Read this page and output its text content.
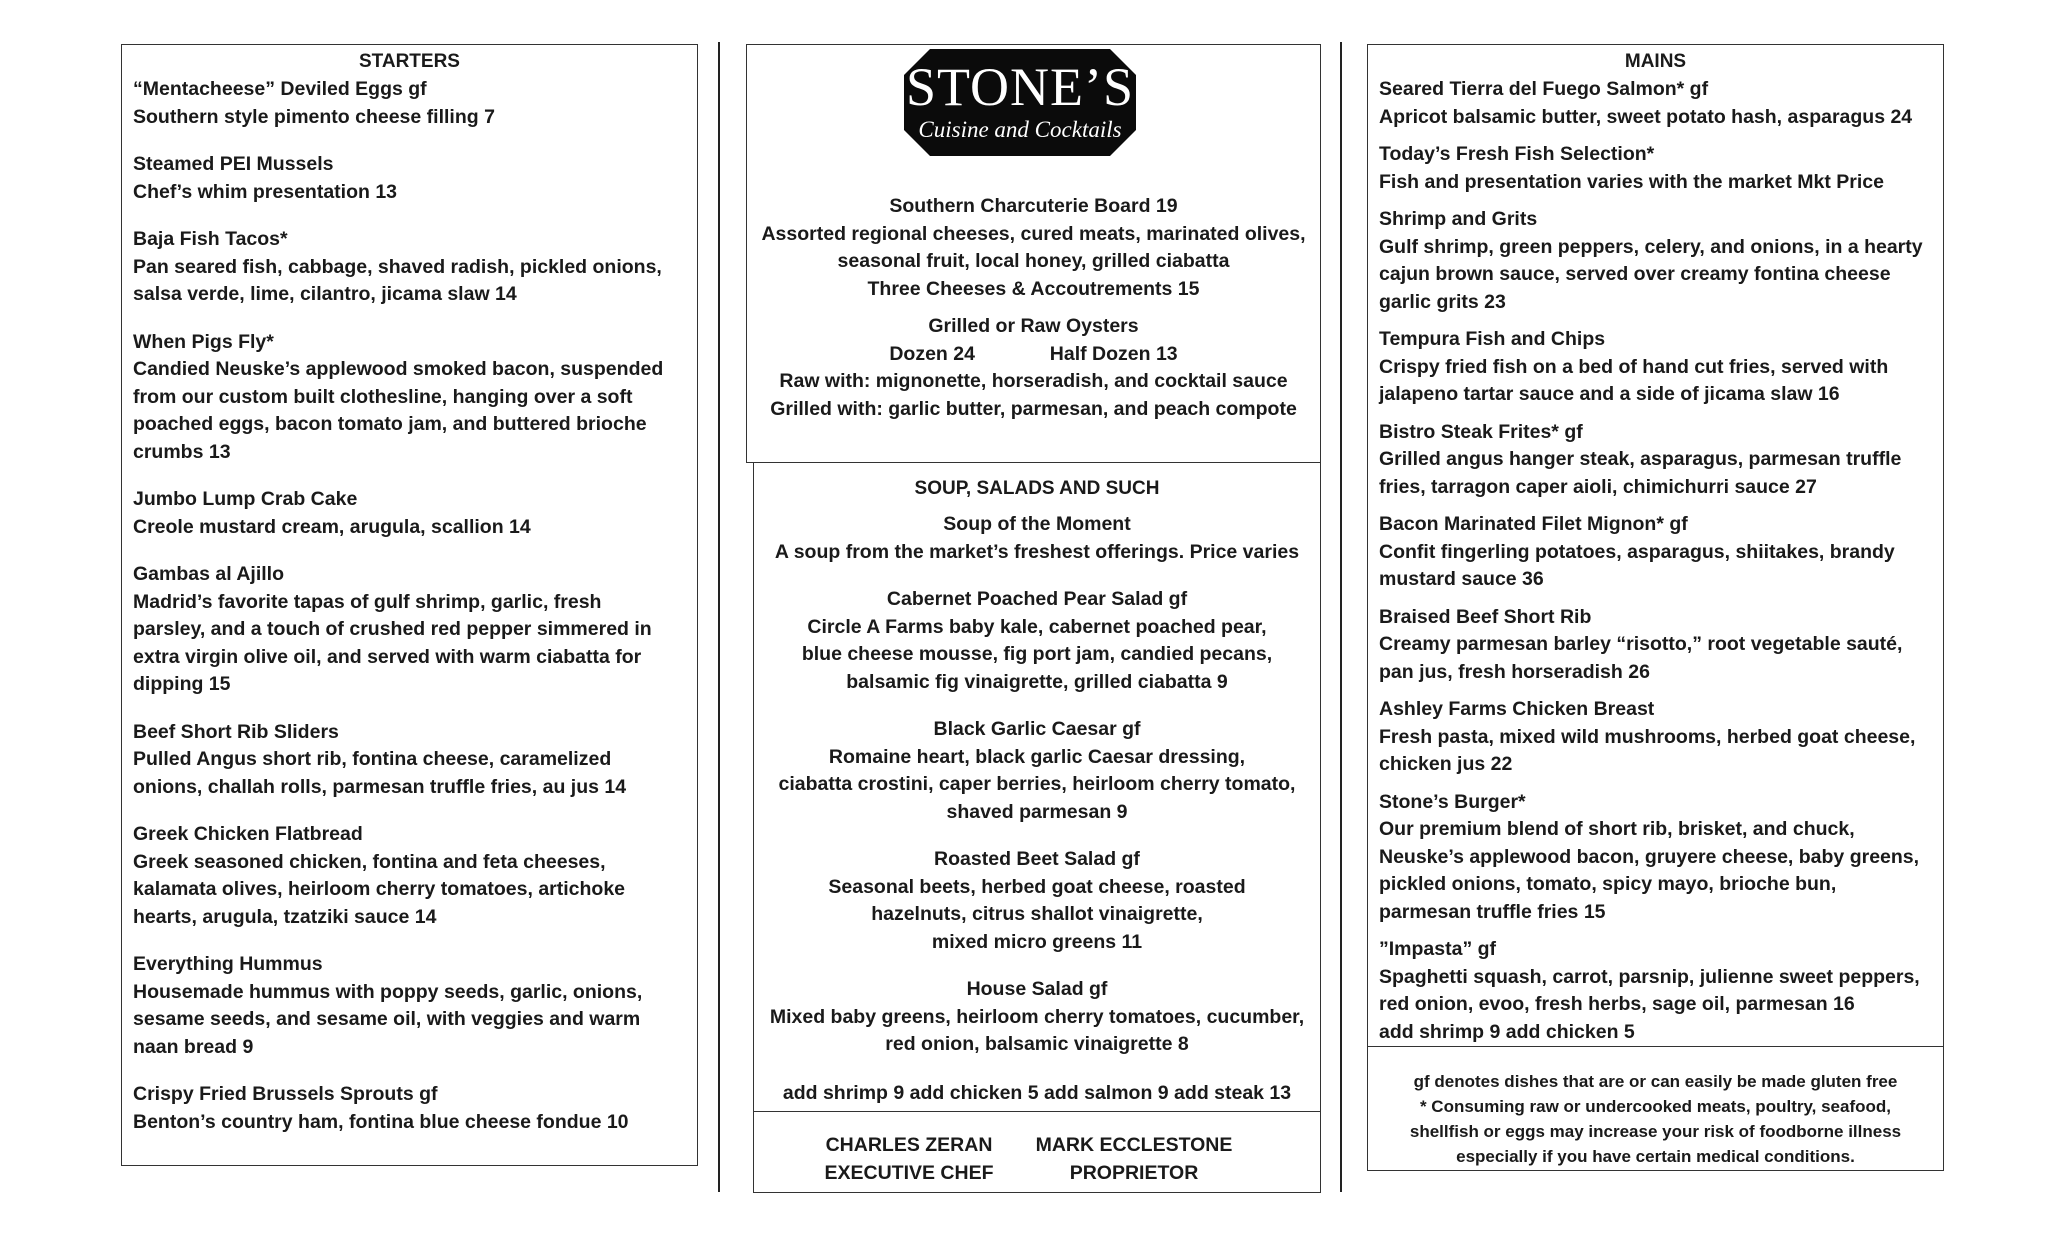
STARTERS
“Mentacheese” Deviled Eggs gf
Southern style pimento cheese filling 7
Steamed PEI Mussels
Chef’s whim presentation 13
Baja Fish Tacos*
Pan seared fish, cabbage, shaved radish, pickled onions,
salsa verde, lime, cilantro, jicama slaw 14
When Pigs Fly*
Candied Neuske’s applewood smoked bacon, suspended
from our custom built clothesline, hanging over a soft
poached eggs, bacon tomato jam, and buttered brioche
crumbs 13
Jumbo Lump Crab Cake
Creole mustard cream, arugula, scallion 14
Gambas al Ajillo
Madrid’s favorite tapas of gulf shrimp, garlic, fresh
parsley, and a touch of crushed red pepper simmered in
extra virgin olive oil, and served with warm ciabatta for
dipping 15
Beef Short Rib Sliders
Pulled Angus short rib, fontina cheese, caramelized
onions, challah rolls, parmesan truffle fries, au jus 14
Greek Chicken Flatbread
Greek seasoned chicken, fontina and feta cheeses,
kalamata olives, heirloom cherry tomatoes, artichoke
hearts, arugula, tzatziki sauce 14
Everything Hummus
Housemade hummus with poppy seeds, garlic, onions,
sesame seeds, and sesame oil, with veggies and warm
naan bread 9
Crispy Fried Brussels Sprouts gf
Benton’s country ham, fontina blue cheese fondue 10
STONE’S
Cuisine and Cocktails
Southern Charcuterie Board 19
Assorted regional cheeses, cured meats, marinated olives,
seasonal fruit, local honey, grilled ciabatta
Three Cheeses & Accoutrements 15
Grilled or Raw Oysters
Dozen 24	Half Dozen 13
Raw with: mignonette, horseradish, and cocktail sauce
Grilled with: garlic butter, parmesan, and peach compote
SOUP, SALADS AND SUCH
Soup of the Moment
A soup from the market’s freshest offerings. Price varies
Cabernet Poached Pear Salad gf
Circle A Farms baby kale, cabernet poached pear,
blue cheese mousse, fig port jam, candied pecans,
balsamic fig vinaigrette, grilled ciabatta 9
Black Garlic Caesar gf
Romaine heart, black garlic Caesar dressing,
ciabatta crostini, caper berries, heirloom cherry tomato,
shaved parmesan 9
Roasted Beet Salad gf
Seasonal beets, herbed goat cheese, roasted
hazelnuts, citrus shallot vinaigrette,
mixed micro greens 11
House Salad gf
Mixed baby greens, heirloom cherry tomatoes, cucumber,
red onion, balsamic vinaigrette 8
add shrimp 9 add chicken 5 add salmon 9 add steak 13
CHARLES ZERAN
EXECUTIVE CHEF
MARK ECCLESTONE
PROPRIETOR
MAINS
Seared Tierra del Fuego Salmon* gf
Apricot balsamic butter, sweet potato hash, asparagus 24
Today’s Fresh Fish Selection*
Fish and presentation varies with the market Mkt Price
Shrimp and Grits
Gulf shrimp, green peppers, celery, and onions, in a hearty
cajun brown sauce, served over creamy fontina cheese
garlic grits 23
Tempura Fish and Chips
Crispy fried fish on a bed of hand cut fries, served with
jalapeno tartar sauce and a side of jicama slaw 16
Bistro Steak Frites* gf
Grilled angus hanger steak, asparagus, parmesan truffle
fries, tarragon caper aioli, chimichurri sauce 27
Bacon Marinated Filet Mignon* gf
Confit fingerling potatoes, asparagus, shiitakes, brandy
mustard sauce 36
Braised Beef Short Rib
Creamy parmesan barley “risotto,” root vegetable sauté,
pan jus, fresh horseradish 26
Ashley Farms Chicken Breast
Fresh pasta, mixed wild mushrooms, herbed goat cheese,
chicken jus 22
Stone’s Burger*
Our premium blend of short rib, brisket, and chuck,
Neuske’s applewood bacon, gruyere cheese, baby greens,
pickled onions, tomato, spicy mayo, brioche bun,
parmesan truffle fries 15
”Impasta” gf
Spaghetti squash, carrot, parsnip, julienne sweet peppers,
red onion, evoo, fresh herbs, sage oil, parmesan 16
add shrimp 9 add chicken 5
gf denotes dishes that are or can easily be made gluten free
* Consuming raw or undercooked meats, poultry, seafood,
shellfish or eggs may increase your risk of foodborne illness
especially if you have certain medical conditions.
